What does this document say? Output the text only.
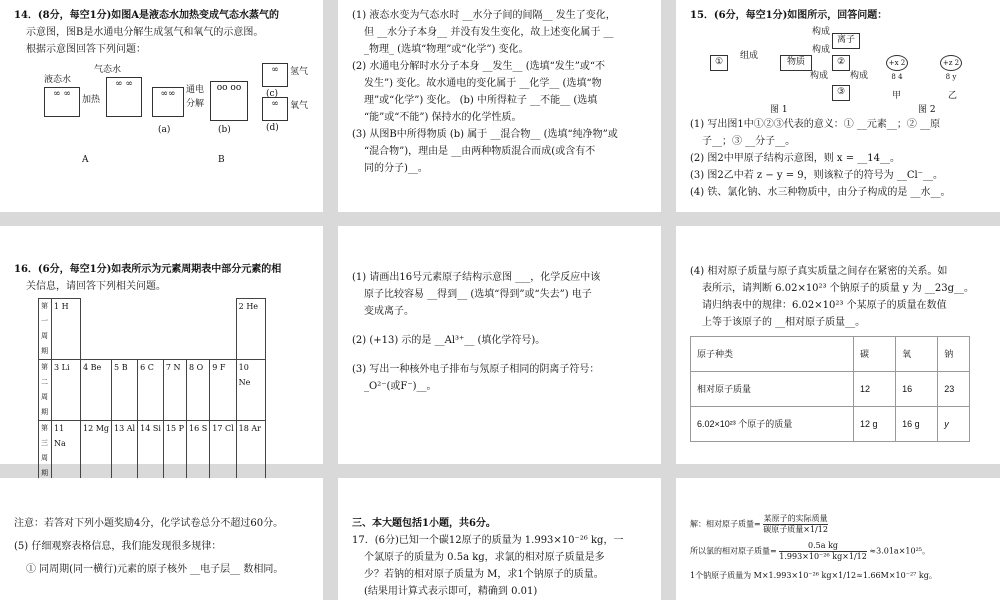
14．(8分，每空1分)如图A是液态水加热变成气态水蒸气的

示意图，图B是水通电分解生成氢气和氧气的示意图。

根据示意图回答下列问题：

液态水
气态水
∞ ∞
加热
∞ ∞
A
∞∞	通电
分解
oo oo
∞
∞
氢气
氧气
(a)	(b)
(c)
(d)
B

(1) 液态水变为气态水时 __水分子间的间隔__ 发生了变化，

但 __水分子本身__ 并没有发生变化，故上述变化属于 __

_物理_ (选填“物理”或“化学”) 变化。

(2) 水通电分解时水分子本身 __发生__ (选填“发生”或“不

发生”) 变化。故水通电的变化属于 __化学__ (选填“物

理”或“化学”) 变化。 (b) 中所得粒子 __不能__ (选填

“能”或“不能”) 保持水的化学性质。

(3) 从图B中所得物质 (b) 属于 __混合物__ (选填“纯净物”或

“混合物”)，理由是 __由两种物质混合而成(或含有不

同的分子)__。

15．(6分，每空1分)如图所示，回答问题：

①
组成
物质
离子
②
③
构成
构成
构成 构成
图 1
+x 2 8 4
+z 2 8 y
甲	乙
图 2

(1) 写出图1中①②③代表的意义：① __元素__；② __原

子__；③ __分子__。

(2) 图2中甲原子结构示意图，则 x = __14__。

(3) 图2乙中若 z − y = 9，则该粒子的符号为 __Cl⁻__。

(4) 铁、氯化钠、水三种物质中，由分子构成的是 __水__。

16．(6分，每空1分)如表所示为元素周期表中部分元素的相

关信息，请回答下列相关问题。

第一周期	1 H							2 He
第二周期	3 Li	4 Be	5 B	6 C	7 N	8 O	9 F	10 Ne
第三周期	11 Na	12 Mg	13 Al	14 Si	15 P	16 S	17 Cl	18 Ar

(1) 请画出16号元素原子结构示意图 ___，化学反应中该

原子比较容易 __得到__ (选填“得到”或“失去”) 电子

变成离子。

(2) (+13) 示的是 __Al³⁺__ (填化学符号)。

(3) 写出一种核外电子排布与氖原子相同的阴离子符号：

_O²⁻(或F⁻)__。

(4) 相对原子质量与原子真实质量之间存在紧密的关系。如

表所示，请判断 6.02×10²³ 个钠原子的质量 y 为 __23g__。

请归纳表中的规律：6.02×10²³ 个某原子的质量在数值

上等于该原子的 __相对原子质量__。

原子种类	碳	氧	钠
相对原子质量	12	16	23
6.02×10²³ 个原子的质量	12 g	16 g	y

注意：若答对下列小题奖励4分，化学试卷总分不超过60分。

(5) 仔细观察表格信息，我们能发现很多规律：

① 同周期(同一横行)元素的原子核外 __电子层__ 数相同。

三、本大题包括1小题，共6分。

17．(6分)已知一个碳12原子的质量为 1.993×10⁻²⁶ kg，一

个氯原子的质量为 0.5a kg，求氯的相对原子质量是多

少？若钠的相对原子质量为 M，求1个钠原子的质量。

(结果用计算式表示即可，精确到 0.01)

解：相对原子质量= $\frac{\text{某原子的实际质量}}{\text{碳原子质量×1/12}}$

所以氯的相对原子质量= $\frac{\text{0.5a kg}}{\text{1.993×10⁻²⁶ kg×1/12}} \approx 3.01a\times 10^{25}$。

1个钠原子质量为 M×1.993×10⁻²⁶ kg×1/12≈1.66M×10⁻²⁷ kg。
